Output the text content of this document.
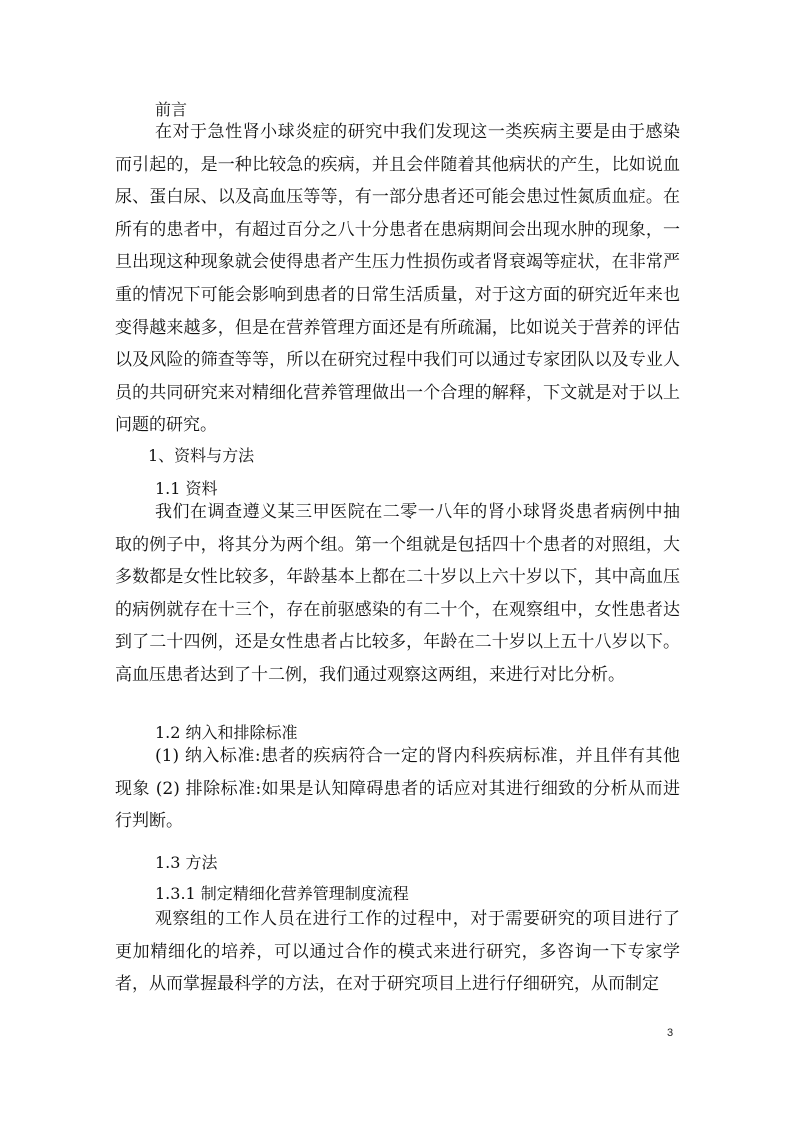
前言

在对于急性肾小球炎症的研究中我们发现这一类疾病主要是由于感染而引起的，是一种比较急的疾病，并且会伴随着其他病状的产生，比如说血尿、蛋白尿、以及高血压等等，有一部分患者还可能会患过性氮质血症。在所有的患者中，有超过百分之八十分患者在患病期间会出现水肿的现象，一旦出现这种现象就会使得患者产生压力性损伤或者肾衰竭等症状，在非常严重的情况下可能会影响到患者的日常生活质量，对于这方面的研究近年来也变得越来越多，但是在营养管理方面还是有所疏漏，比如说关于营养的评估以及风险的筛查等等，所以在研究过程中我们可以通过专家团队以及专业人员的共同研究来对精细化营养管理做出一个合理的解释，下文就是对于以上问题的研究。

1、资料与方法
1.1 资料

我们在调查遵义某三甲医院在二零一八年的肾小球肾炎患者病例中抽取的例子中，将其分为两个组。第一个组就是包括四十个患者的对照组，大多数都是女性比较多，年龄基本上都在二十岁以上六十岁以下，其中高血压的病例就存在十三个，存在前驱感染的有二十个，在观察组中，女性患者达到了二十四例，还是女性患者占比较多，年龄在二十岁以上五十八岁以下。高血压患者达到了十二例，我们通过观察这两组，来进行对比分析。

1.2 纳入和排除标准

(1) 纳入标准:患者的疾病符合一定的肾内科疾病标准，并且伴有其他现象 (2) 排除标准:如果是认知障碍患者的话应对其进行细致的分析从而进行判断。

1.3 方法
1.3.1 制定精细化营养管理制度流程

观察组的工作人员在进行工作的过程中，对于需要研究的项目进行了更加精细化的培养，可以通过合作的模式来进行研究，多咨询一下专家学者，从而掌握最科学的方法，在对于研究项目上进行仔细研究，从而制定

3
